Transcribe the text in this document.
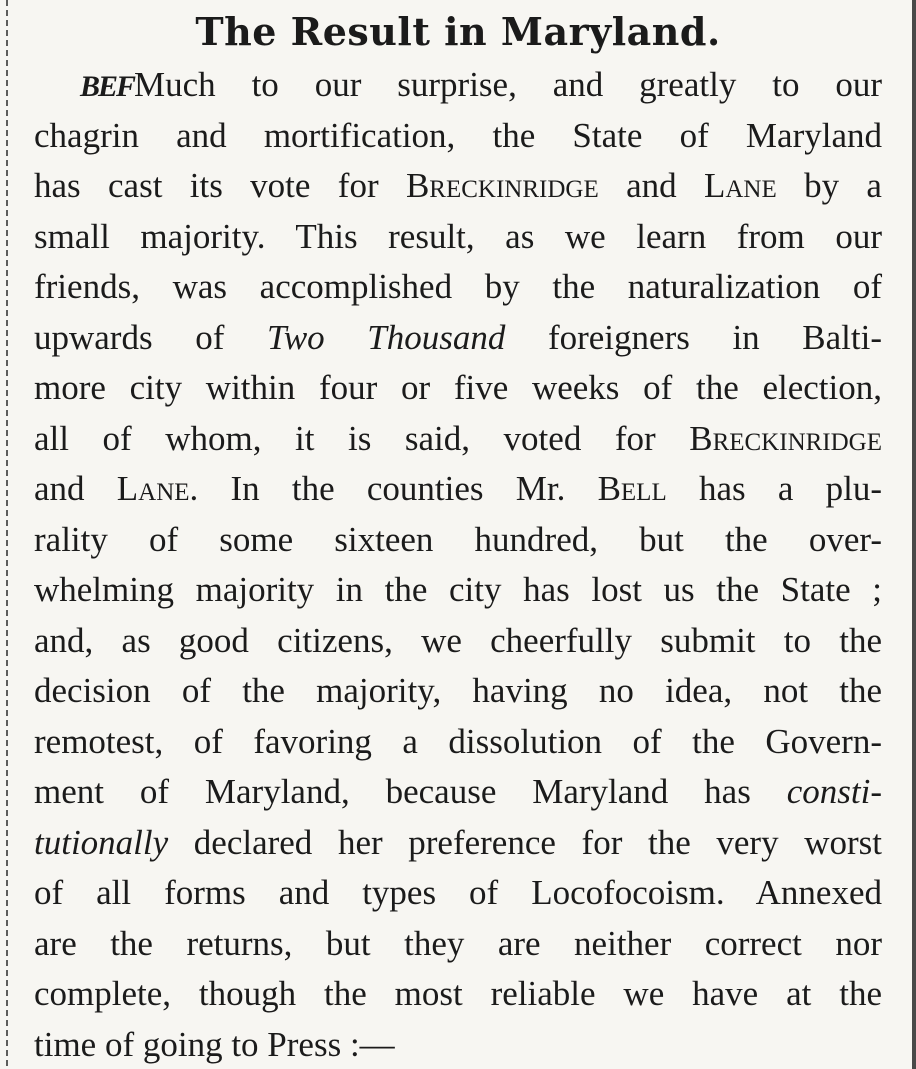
The Result in Maryland.
BEFMuch to our surprise, and greatly to our
chagrin and mortification, the State of Maryland
has cast its vote for Breckinridge and Lane by a
small majority. This result, as we learn from our
friends, was accomplished by the naturalization of
upwards of Two Thousand foreigners in Balti-
more city within four or five weeks of the election,
all of whom, it is said, voted for Breckinridge
and Lane. In the counties Mr. Bell has a plu-
rality of some sixteen hundred, but the over-
whelming majority in the city has lost us the State ;
and, as good citizens, we cheerfully submit to the
decision of the majority, having no idea, not the
remotest, of favoring a dissolution of the Govern-
ment of Maryland, because Maryland has consti-
tutionally declared her preference for the very worst
of all forms and types of Locofocoism. Annexed
are the returns, but they are neither correct nor
complete, though the most reliable we have at the
time of going to Press :—
